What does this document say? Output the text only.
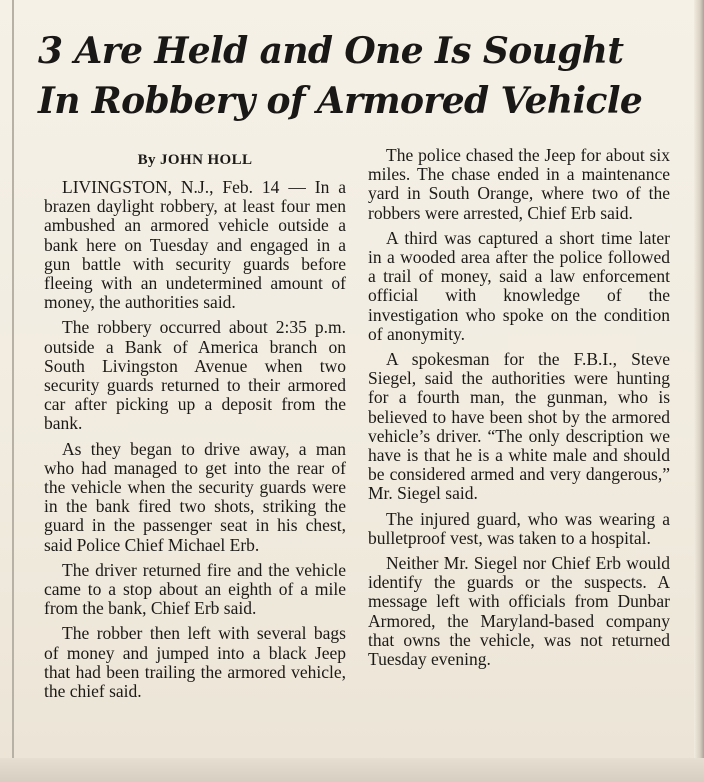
3 Are Held and One Is Sought
In Robbery of Armored Vehicle
By JOHN HOLL

LIVINGSTON, N.J., Feb. 14 — In a brazen daylight robbery, at least four men ambushed an armored vehicle outside a bank here on Tuesday and engaged in a gun battle with security guards before fleeing with an undetermined amount of money, the authorities said.

The robbery occurred about 2:35 p.m. outside a Bank of America branch on South Livingston Avenue when two security guards returned to their armored car after picking up a deposit from the bank.

As they began to drive away, a man who had managed to get into the rear of the vehicle when the security guards were in the bank fired two shots, striking the guard in the passenger seat in his chest, said Police Chief Michael Erb.

The driver returned fire and the vehicle came to a stop about an eighth of a mile from the bank, Chief Erb said.

The robber then left with several bags of money and jumped into a black Jeep that had been trailing the armored vehicle, the chief said.

The police chased the Jeep for about six miles. The chase ended in a maintenance yard in South Orange, where two of the robbers were arrested, Chief Erb said.

A third was captured a short time later in a wooded area after the police followed a trail of money, said a law enforcement official with knowledge of the investigation who spoke on the condition of anonymity.

A spokesman for the F.B.I., Steve Siegel, said the authorities were hunting for a fourth man, the gunman, who is believed to have been shot by the armored vehicle’s driver. “The only description we have is that he is a white male and should be considered armed and very dangerous,” Mr. Siegel said.

The injured guard, who was wearing a bulletproof vest, was taken to a hospital.

Neither Mr. Siegel nor Chief Erb would identify the guards or the suspects. A message left with officials from Dunbar Armored, the Maryland-based company that owns the vehicle, was not returned Tuesday evening.
